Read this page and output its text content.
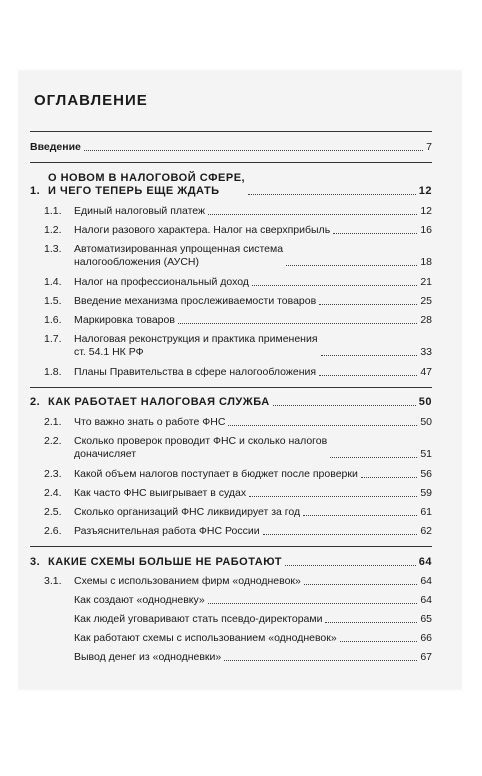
ОГЛАВЛЕНИЕ
Введение	7
1.
О НОВОМ В НАЛОГОВОЙ СФЕРЕ,
И ЧЕГО ТЕПЕРЬ ЕЩЕ ЖДАТЬ	12
1.1.	Единый налоговый платеж	12
1.2.	Налоги разового характера. Налог на сверхприбыль	16
1.3.	Автоматизированная упрощенная система
налогообложения (АУСН)	18
1.4.	Налог на профессиональный доход	21
1.5.	Введение механизма прослеживаемости товаров	25
1.6.	Маркировка товаров	28
1.7.	Налоговая реконструкция и практика применения
ст. 54.1 НК РФ	33
1.8.	Планы Правительства в сфере налогообложения	47
2. КАК РАБОТАЕТ НАЛОГОВАЯ СЛУЖБА	50
2.1.	Что важно знать о работе ФНС	50
2.2.	Сколько проверок проводит ФНС и сколько налогов
доначисляет	51
2.3.	Какой объем налогов поступает в бюджет после проверки	56
2.4.	Как часто ФНС выигрывает в судах	59
2.5.	Сколько организаций ФНС ликвидирует за год	61
2.6.	Разъяснительная работа ФНС России	62
3. КАКИЕ СХЕМЫ БОЛЬШЕ НЕ РАБОТАЮТ	64
3.1.	Схемы с использованием фирм «однодневок»	64
Как создают «однодневку»	64
Как людей уговаривают стать псевдо-директорами	65
Как работают схемы с использованием «однодневок»	66
Вывод денег из «однодневки»	67
